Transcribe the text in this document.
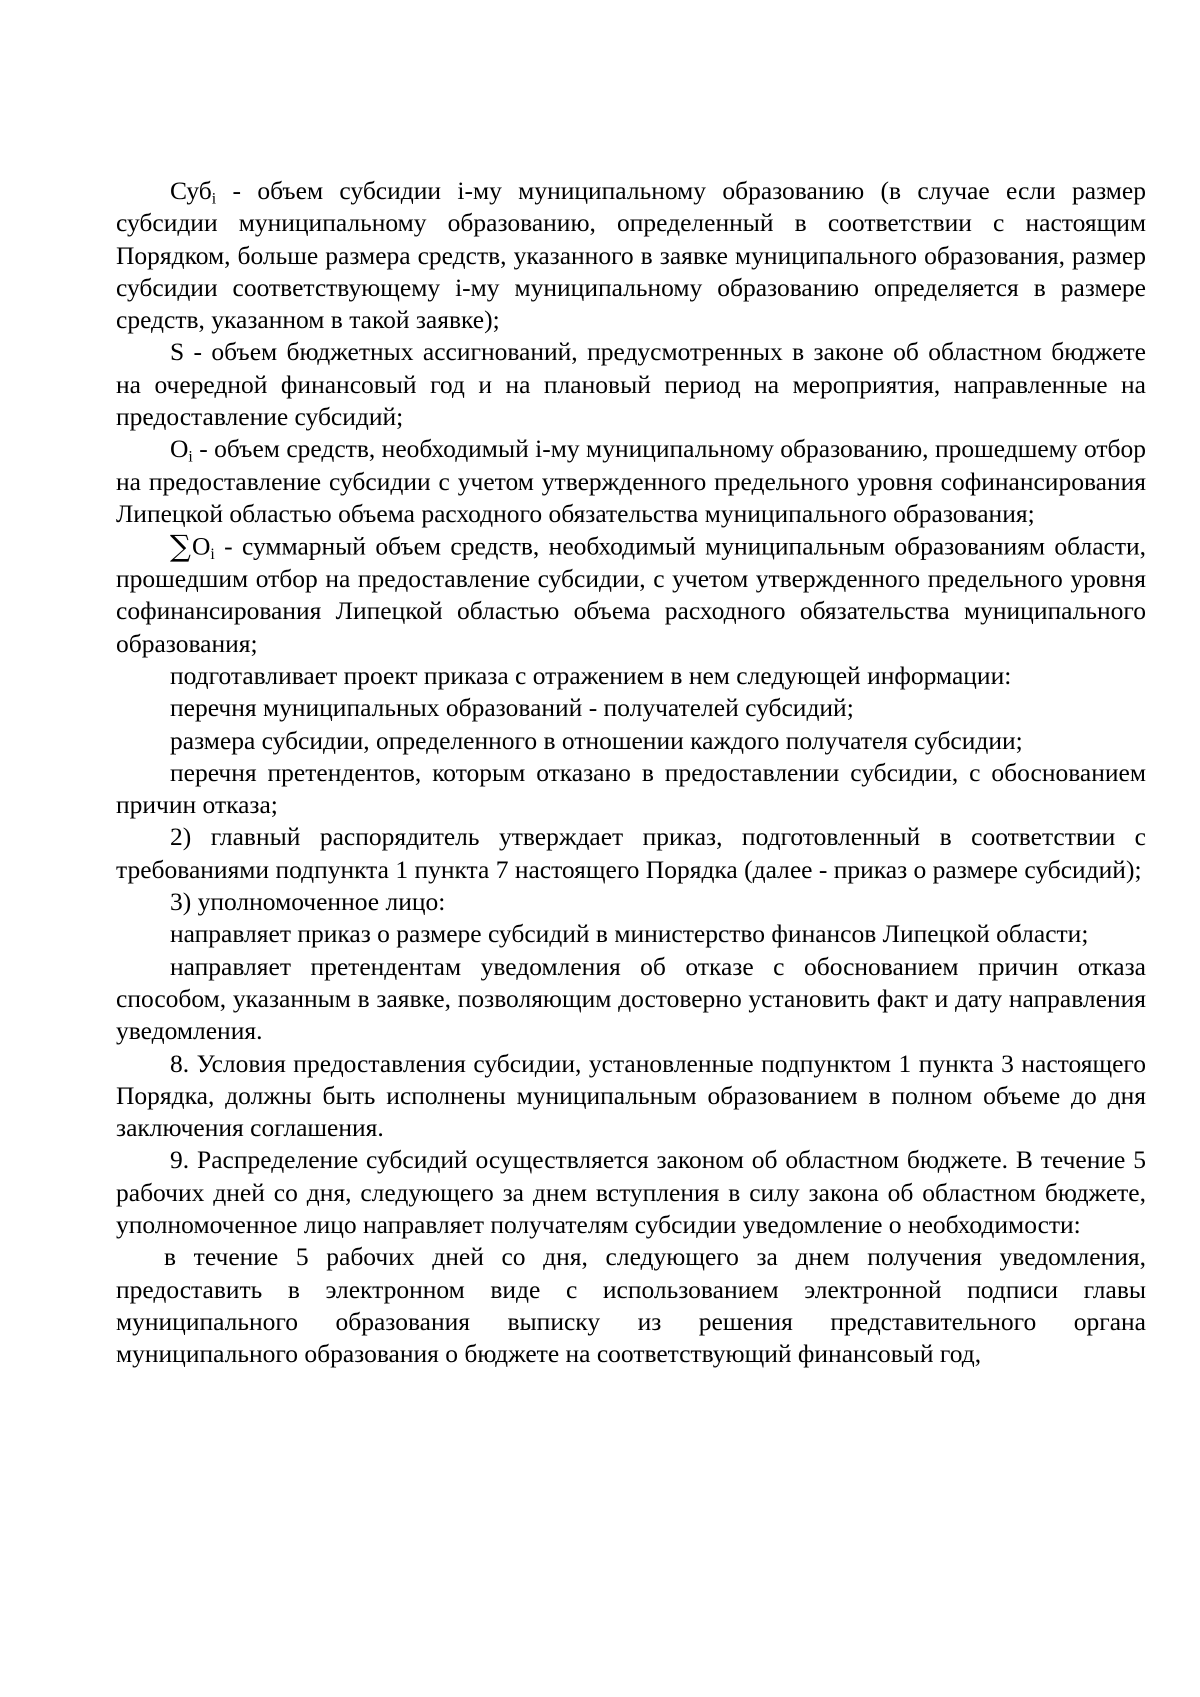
Суб$_i$ - объем субсидии i-му муниципальному образованию (в случае если размер субсидии муниципальному образованию, определенный в соответствии с настоящим Порядком, больше размера средств, указанного в заявке муниципального образования, размер субсидии соответствующему i-му муниципальному образованию определяется в размере средств, указанном в такой заявке);

S - объем бюджетных ассигнований, предусмотренных в законе об областном бюджете на очередной финансовый год и на плановый период на мероприятия, направленные на предоставление субсидий;

$O_i$ - объем средств, необходимый i-му муниципальному образованию, прошедшему отбор на предоставление субсидии с учетом утвержденного предельного уровня софинансирования Липецкой областью объема расходного обязательства муниципального образования;

$\sum O_i$ - суммарный объем средств, необходимый муниципальным образованиям области, прошедшим отбор на предоставление субсидии, с учетом утвержденного предельного уровня софинансирования Липецкой областью объема расходного обязательства муниципального образования;

подготавливает проект приказа с отражением в нем следующей информации:

перечня муниципальных образований - получателей субсидий;

размера субсидии, определенного в отношении каждого получателя субсидии;

перечня претендентов, которым отказано в предоставлении субсидии, с обоснованием причин отказа;

2) главный распорядитель утверждает приказ, подготовленный в соответствии с требованиями подпункта 1 пункта 7 настоящего Порядка (далее - приказ о размере субсидий);

3) уполномоченное лицо:

направляет приказ о размере субсидий в министерство финансов Липецкой области;

направляет претендентам уведомления об отказе с обоснованием причин отказа способом, указанным в заявке, позволяющим достоверно установить факт и дату направления уведомления.

8. Условия предоставления субсидии, установленные подпунктом 1 пункта 3 настоящего Порядка, должны быть исполнены муниципальным образованием в полном объеме до дня заключения соглашения.

9. Распределение субсидий осуществляется законом об областном бюджете. В течение 5 рабочих дней со дня, следующего за днем вступления в силу закона об областном бюджете, уполномоченное лицо направляет получателям субсидии уведомление о необходимости:

в течение 5 рабочих дней со дня, следующего за днем получения уведомления, предоставить в электронном виде с использованием электронной подписи главы муниципального образования выписку из решения представительного органа муниципального образования о бюджете на соответствующий финансовый год,
